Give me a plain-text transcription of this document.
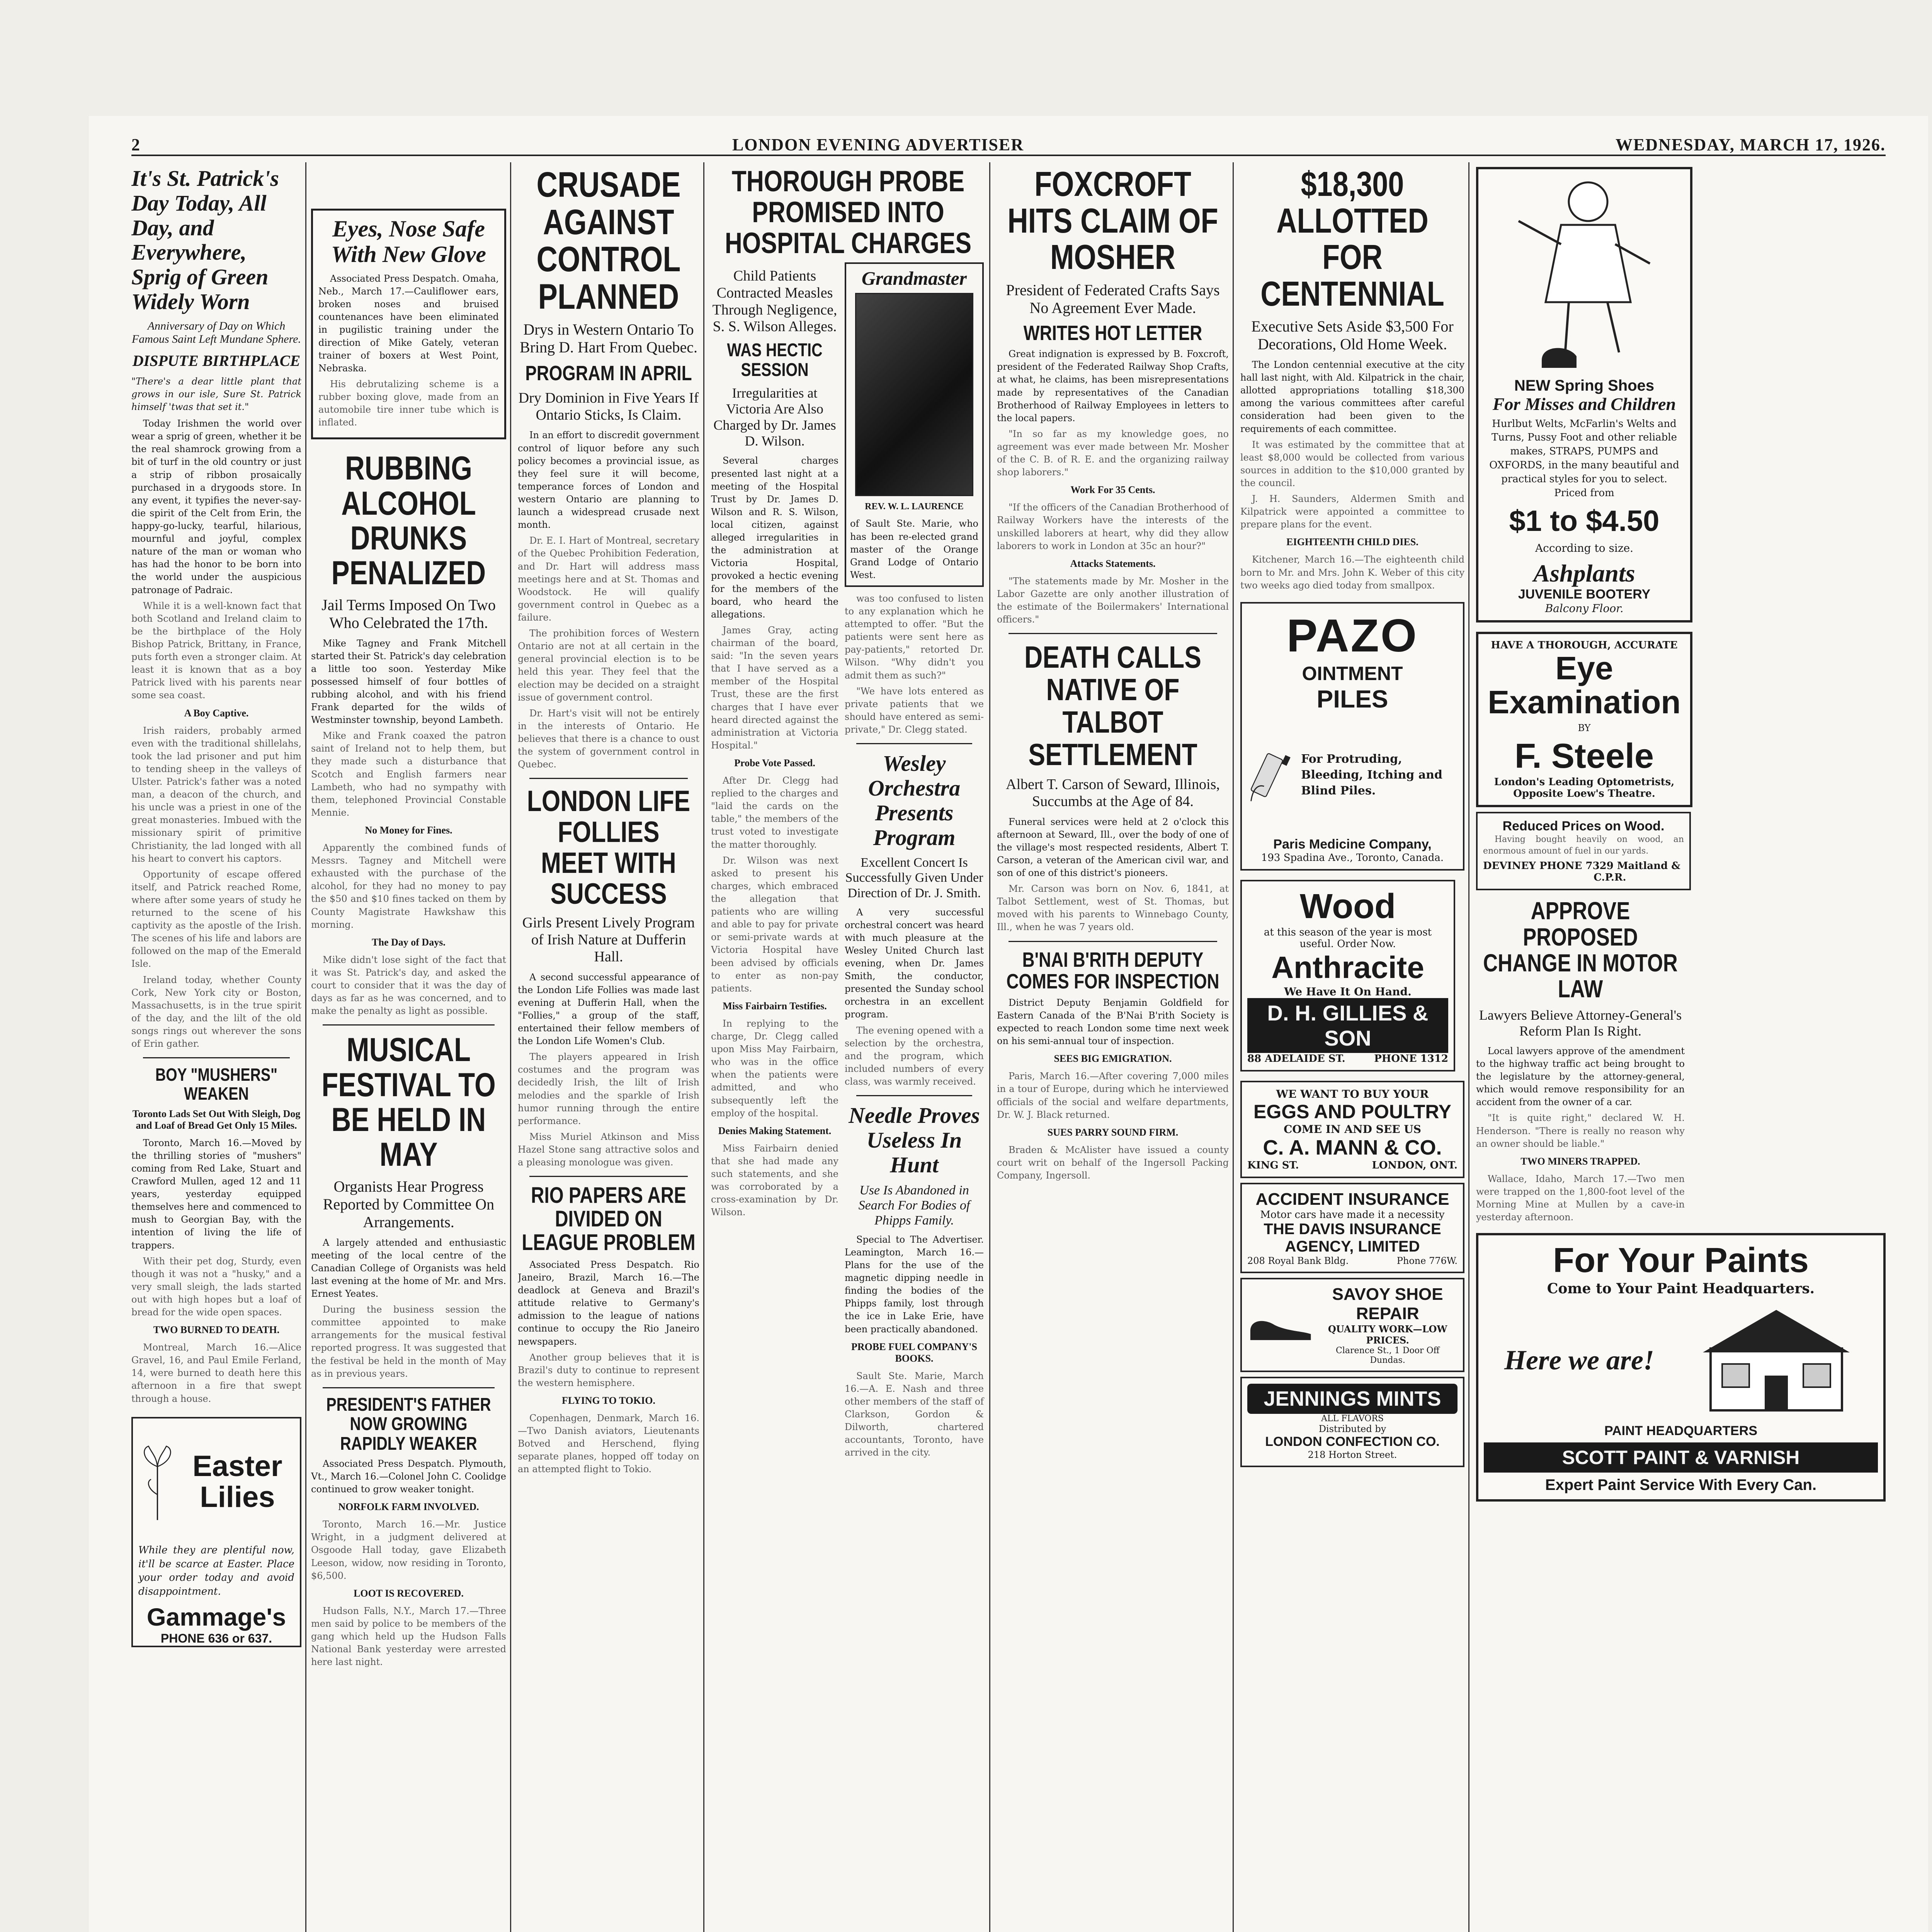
2	LONDON EVENING ADVERTISER	WEDNESDAY, MARCH 17, 1926.
It's St. Patrick's Day Today, All Day, and Everywhere, Sprig of Green Widely Worn
Anniversary of Day on Which Famous Saint Left Mundane Sphere.
DISPUTE BIRTHPLACE
"There's a dear little plant that grows in our isle, Sure St. Patrick himself 'twas that set it."

Today Irishmen the world over wear a sprig of green, whether it be the real shamrock growing from a bit of turf in the old country or just a strip of ribbon prosaically purchased in a drygoods store. In any event, it typifies the never-say-die spirit of the Celt from Erin, the happy-go-lucky, tearful, hilarious, mournful and joyful, complex nature of the man or woman who has had the honor to be born into the world under the auspicious patronage of Padraic.

While it is a well-known fact that both Scotland and Ireland claim to be the birthplace of the Holy Bishop Patrick, Brittany, in France, puts forth even a stronger claim. At least it is known that as a boy Patrick lived with his parents near some sea coast.

A Boy Captive.

Irish raiders, probably armed even with the traditional shillelahs, took the lad prisoner and put him to tending sheep in the valleys of Ulster. Patrick's father was a noted man, a deacon of the church, and his uncle was a priest in one of the great monasteries. Imbued with the missionary spirit of primitive Christianity, the lad longed with all his heart to convert his captors.

Opportunity of escape offered itself, and Patrick reached Rome, where after some years of study he returned to the scene of his captivity as the apostle of the Irish. The scenes of his life and labors are followed on the map of the Emerald Isle.

Ireland today, whether County Cork, New York city or Boston, Massachusetts, is in the true spirit of the day, and the lilt of the old songs rings out wherever the sons of Erin gather.

BOY "MUSHERS" WEAKEN
Toronto Lads Set Out With Sleigh, Dog and Loaf of Bread Get Only 15 Miles.

Toronto, March 16.—Moved by the thrilling stories of "mushers" coming from Red Lake, Stuart and Crawford Mullen, aged 12 and 11 years, yesterday equipped themselves here and commenced to mush to Georgian Bay, with the intention of living the life of trappers.

With their pet dog, Sturdy, even though it was not a "husky," and a very small sleigh, the lads started out with high hopes but a loaf of bread for the wide open spaces.

TWO BURNED TO DEATH.

Montreal, March 16.—Alice Gravel, 16, and Paul Emile Ferland, 14, were burned to death here this afternoon in a fire that swept through a house.

Easter Lilies
While they are plentiful now, it'll be scarce at Easter. Place your order today and avoid disappointment.
Gammage's
PHONE 636 or 637.
Eyes, Nose Safe With New Glove

Associated Press Despatch. Omaha, Neb., March 17.—Cauliflower ears, broken noses and bruised countenances have been eliminated in pugilistic training under the direction of Mike Gately, veteran trainer of boxers at West Point, Nebraska.

His debrutalizing scheme is a rubber boxing glove, made from an automobile tire inner tube which is inflated.

RUBBING ALCOHOL DRUNKS PENALIZED
Jail Terms Imposed On Two Who Celebrated the 17th.

Mike Tagney and Frank Mitchell started their St. Patrick's day celebration a little too soon. Yesterday Mike possessed himself of four bottles of rubbing alcohol, and with his friend Frank departed for the wilds of Westminster township, beyond Lambeth.

Mike and Frank coaxed the patron saint of Ireland not to help them, but they made such a disturbance that Scotch and English farmers near Lambeth, who had no sympathy with them, telephoned Provincial Constable Mennie.

No Money for Fines.

Apparently the combined funds of Messrs. Tagney and Mitchell were exhausted with the purchase of the alcohol, for they had no money to pay the $50 and $10 fines tacked on them by County Magistrate Hawkshaw this morning.

The Day of Days.

Mike didn't lose sight of the fact that it was St. Patrick's day, and asked the court to consider that it was the day of days as far as he was concerned, and to make the penalty as light as possible.

MUSICAL FESTIVAL TO BE HELD IN MAY
Organists Hear Progress Reported by Committee On Arrangements.

A largely attended and enthusiastic meeting of the local centre of the Canadian College of Organists was held last evening at the home of Mr. and Mrs. Ernest Yeates.

During the business session the committee appointed to make arrangements for the musical festival reported progress. It was suggested that the festival be held in the month of May as in previous years.

PRESIDENT'S FATHER NOW GROWING RAPIDLY WEAKER

Associated Press Despatch. Plymouth, Vt., March 16.—Colonel John C. Coolidge continued to grow weaker tonight.

NORFOLK FARM INVOLVED.

Toronto, March 16.—Mr. Justice Wright, in a judgment delivered at Osgoode Hall today, gave Elizabeth Leeson, widow, now residing in Toronto, $6,500.

LOOT IS RECOVERED.

Hudson Falls, N.Y., March 17.—Three men said by police to be members of the gang which held up the Hudson Falls National Bank yesterday were arrested here last night.

CRUSADE AGAINST CONTROL PLANNED
Drys in Western Ontario To Bring D. Hart From Quebec.
PROGRAM IN APRIL
Dry Dominion in Five Years If Ontario Sticks, Is Claim.

In an effort to discredit government control of liquor before any such policy becomes a provincial issue, as they feel sure it will become, temperance forces of London and western Ontario are planning to launch a widespread crusade next month.

Dr. E. I. Hart of Montreal, secretary of the Quebec Prohibition Federation, and Dr. Hart will address mass meetings here and at St. Thomas and Woodstock. He will qualify government control in Quebec as a failure.

The prohibition forces of Western Ontario are not at all certain in the general provincial election is to be held this year. They feel that the election may be decided on a straight issue of government control.

Dr. Hart's visit will not be entirely in the interests of Ontario. He believes that there is a chance to oust the system of government control in Quebec.

LONDON LIFE FOLLIES MEET WITH SUCCESS
Girls Present Lively Program of Irish Nature at Dufferin Hall.

A second successful appearance of the London Life Follies was made last evening at Dufferin Hall, when the "Follies," a group of the staff, entertained their fellow members of the London Life Women's Club.

The players appeared in Irish costumes and the program was decidedly Irish, the lilt of Irish melodies and the sparkle of Irish humor running through the entire performance.

Miss Muriel Atkinson and Miss Hazel Stone sang attractive solos and a pleasing monologue was given.

RIO PAPERS ARE DIVIDED ON LEAGUE PROBLEM

Associated Press Despatch. Rio Janeiro, Brazil, March 16.—The deadlock at Geneva and Brazil's attitude relative to Germany's admission to the league of nations continue to occupy the Rio Janeiro newspapers.

Another group believes that it is Brazil's duty to continue to represent the western hemisphere.

FLYING TO TOKIO.

Copenhagen, Denmark, March 16.—Two Danish aviators, Lieutenants Botved and Herschend, flying separate planes, hopped off today on an attempted flight to Tokio.

THOROUGH PROBE PROMISED INTO HOSPITAL CHARGES
Child Patients Contracted Measles Through Negligence, S. S. Wilson Alleges.
WAS HECTIC SESSION
Irregularities at Victoria Are Also Charged by Dr. James D. Wilson.

Several charges presented last night at a meeting of the Hospital Trust by Dr. James D. Wilson and R. S. Wilson, local citizen, against alleged irregularities in the administration at Victoria Hospital, provoked a hectic evening for the members of the board, who heard the allegations.

James Gray, acting chairman of the board, said: "In the seven years that I have served as a member of the Hospital Trust, these are the first charges that I have ever heard directed against the administration at Victoria Hospital."

Probe Vote Passed.

After Dr. Clegg had replied to the charges and "laid the cards on the table," the members of the trust voted to investigate the matter thoroughly.

Dr. Wilson was next asked to present his charges, which embraced the allegation that patients who are willing and able to pay for private or semi-private wards at Victoria Hospital have been advised by officials to enter as non-pay patients.

Miss Fairbairn Testifies.

In replying to the charge, Dr. Clegg called upon Miss May Fairbairn, who was in the office when the patients were admitted, and who subsequently left the employ of the hospital.

Denies Making Statement.

Miss Fairbairn denied that she had made any such statements, and she was corroborated by a cross-examination by Dr. Wilson.

Grandmaster
REV. W. L. LAURENCE
of Sault Ste. Marie, who has been re-elected grand master of the Orange Grand Lodge of Ontario West.

was too confused to listen to any explanation which he attempted to offer. "But the patients were sent here as pay-patients," retorted Dr. Wilson. "Why didn't you admit them as such?"

"We have lots entered as private patients that we should have entered as semi-private," Dr. Clegg stated.

Wesley Orchestra Presents Program
Excellent Concert Is Successfully Given Under Direction of Dr. J. Smith.

A very successful orchestral concert was heard with much pleasure at the Wesley United Church last evening, when Dr. James Smith, the conductor, presented the Sunday school orchestra in an excellent program.

The evening opened with a selection by the orchestra, and the program, which included numbers of every class, was warmly received.

Needle Proves Useless In Hunt
Use Is Abandoned in Search For Bodies of Phipps Family.

Special to The Advertiser. Leamington, March 16.—Plans for the use of the magnetic dipping needle in finding the bodies of the Phipps family, lost through the ice in Lake Erie, have been practically abandoned.

PROBE FUEL COMPANY'S BOOKS.

Sault Ste. Marie, March 16.—A. E. Nash and three other members of the staff of Clarkson, Gordon & Dilworth, chartered accountants, Toronto, have arrived in the city.

FOXCROFT HITS CLAIM OF MOSHER
President of Federated Crafts Says No Agreement Ever Made.
WRITES HOT LETTER

Great indignation is expressed by B. Foxcroft, president of the Federated Railway Shop Crafts, at what, he claims, has been misrepresentations made by representatives of the Canadian Brotherhood of Railway Employees in letters to the local papers.

"In so far as my knowledge goes, no agreement was ever made between Mr. Mosher of the C. B. of R. E. and the organizing railway shop laborers."

Work For 35 Cents.

"If the officers of the Canadian Brotherhood of Railway Workers have the interests of the unskilled laborers at heart, why did they allow laborers to work in London at 35c an hour?"

Attacks Statements.

"The statements made by Mr. Mosher in the Labor Gazette are only another illustration of the estimate of the Boilermakers' International officers."

DEATH CALLS NATIVE OF TALBOT SETTLEMENT
Albert T. Carson of Seward, Illinois, Succumbs at the Age of 84.

Funeral services were held at 2 o'clock this afternoon at Seward, Ill., over the body of one of the village's most respected residents, Albert T. Carson, a veteran of the American civil war, and son of one of this district's pioneers.

Mr. Carson was born on Nov. 6, 1841, at Talbot Settlement, west of St. Thomas, but moved with his parents to Winnebago County, Ill., when he was 7 years old.

B'NAI B'RITH DEPUTY COMES FOR INSPECTION

District Deputy Benjamin Goldfield for Eastern Canada of the B'Nai B'rith Society is expected to reach London some time next week on his semi-annual tour of inspection.

SEES BIG EMIGRATION.

Paris, March 16.—After covering 7,000 miles in a tour of Europe, during which he interviewed officials of the social and welfare departments, Dr. W. J. Black returned.

SUES PARRY SOUND FIRM.

Braden & McAlister have issued a county court writ on behalf of the Ingersoll Packing Company, Ingersoll.

$18,300 ALLOTTED FOR CENTENNIAL
Executive Sets Aside $3,500 For Decorations, Old Home Week.

The London centennial executive at the city hall last night, with Ald. Kilpatrick in the chair, allotted appropriations totalling $18,300 among the various committees after careful consideration had been given to the requirements of each committee.

It was estimated by the committee that at least $8,000 would be collected from various sources in addition to the $10,000 granted by the council.

J. H. Saunders, Aldermen Smith and Kilpatrick were appointed a committee to prepare plans for the event.

EIGHTEENTH CHILD DIES.

Kitchener, March 16.—The eighteenth child born to Mr. and Mrs. John K. Weber of this city two weeks ago died today from smallpox.

PAZO
OINTMENT
PILES
For Protruding, Bleeding, Itching and Blind Piles.
Paris Medicine Company,
193 Spadina Ave., Toronto, Canada.
Wood
at this season of the year is most useful. Order Now.
Anthracite
We Have It On Hand.
D. H. GILLIES & SON
88 ADELAIDE ST.	PHONE 1312
WE WANT TO BUY YOUR
EGGS AND POULTRY
COME IN AND SEE US
C. A. MANN & CO.
KING ST.	LONDON, ONT.
ACCIDENT INSURANCE
Motor cars have made it a necessity
THE DAVIS INSURANCE AGENCY, LIMITED
208 Royal Bank Bldg.	Phone 776W.
SAVOY SHOE REPAIR
QUALITY WORK—LOW PRICES.
Clarence St., 1 Door Off Dundas.
JENNINGS MINTS
ALL FLAVORS
Distributed by
LONDON CONFECTION CO.
218 Horton Street.
NEW Spring Shoes
For Misses and Children
Hurlbut Welts, McFarlin's Welts and Turns, Pussy Foot and other reliable makes, STRAPS, PUMPS and OXFORDS, in the many beautiful and practical styles for you to select. Priced from
$1 to $4.50
According to size.
Ashplants
JUVENILE BOOTERY
Balcony Floor.
HAVE A THOROUGH, ACCURATE
Eye Examination
BY
F. Steele
London's Leading Optometrists, Opposite Loew's Theatre.
Reduced Prices on Wood.

Having bought heavily on wood, an enormous amount of fuel in our yards.

DEVINEY PHONE 7329 Maitland & C.P.R.
APPROVE PROPOSED CHANGE IN MOTOR LAW
Lawyers Believe Attorney-General's Reform Plan Is Right.

Local lawyers approve of the amendment to the highway traffic act being brought to the legislature by the attorney-general, which would remove responsibility for an accident from the owner of a car.

"It is quite right," declared W. H. Henderson. "There is really no reason why an owner should be liable."

TWO MINERS TRAPPED.

Wallace, Idaho, March 17.—Two men were trapped on the 1,800-foot level of the Morning Mine at Mullen by a cave-in yesterday afternoon.

For Your Paints
Come to Your Paint Headquarters.
Here we are!
PAINT HEADQUARTERS
SCOTT PAINT & VARNISH
Expert Paint Service With Every Can.
